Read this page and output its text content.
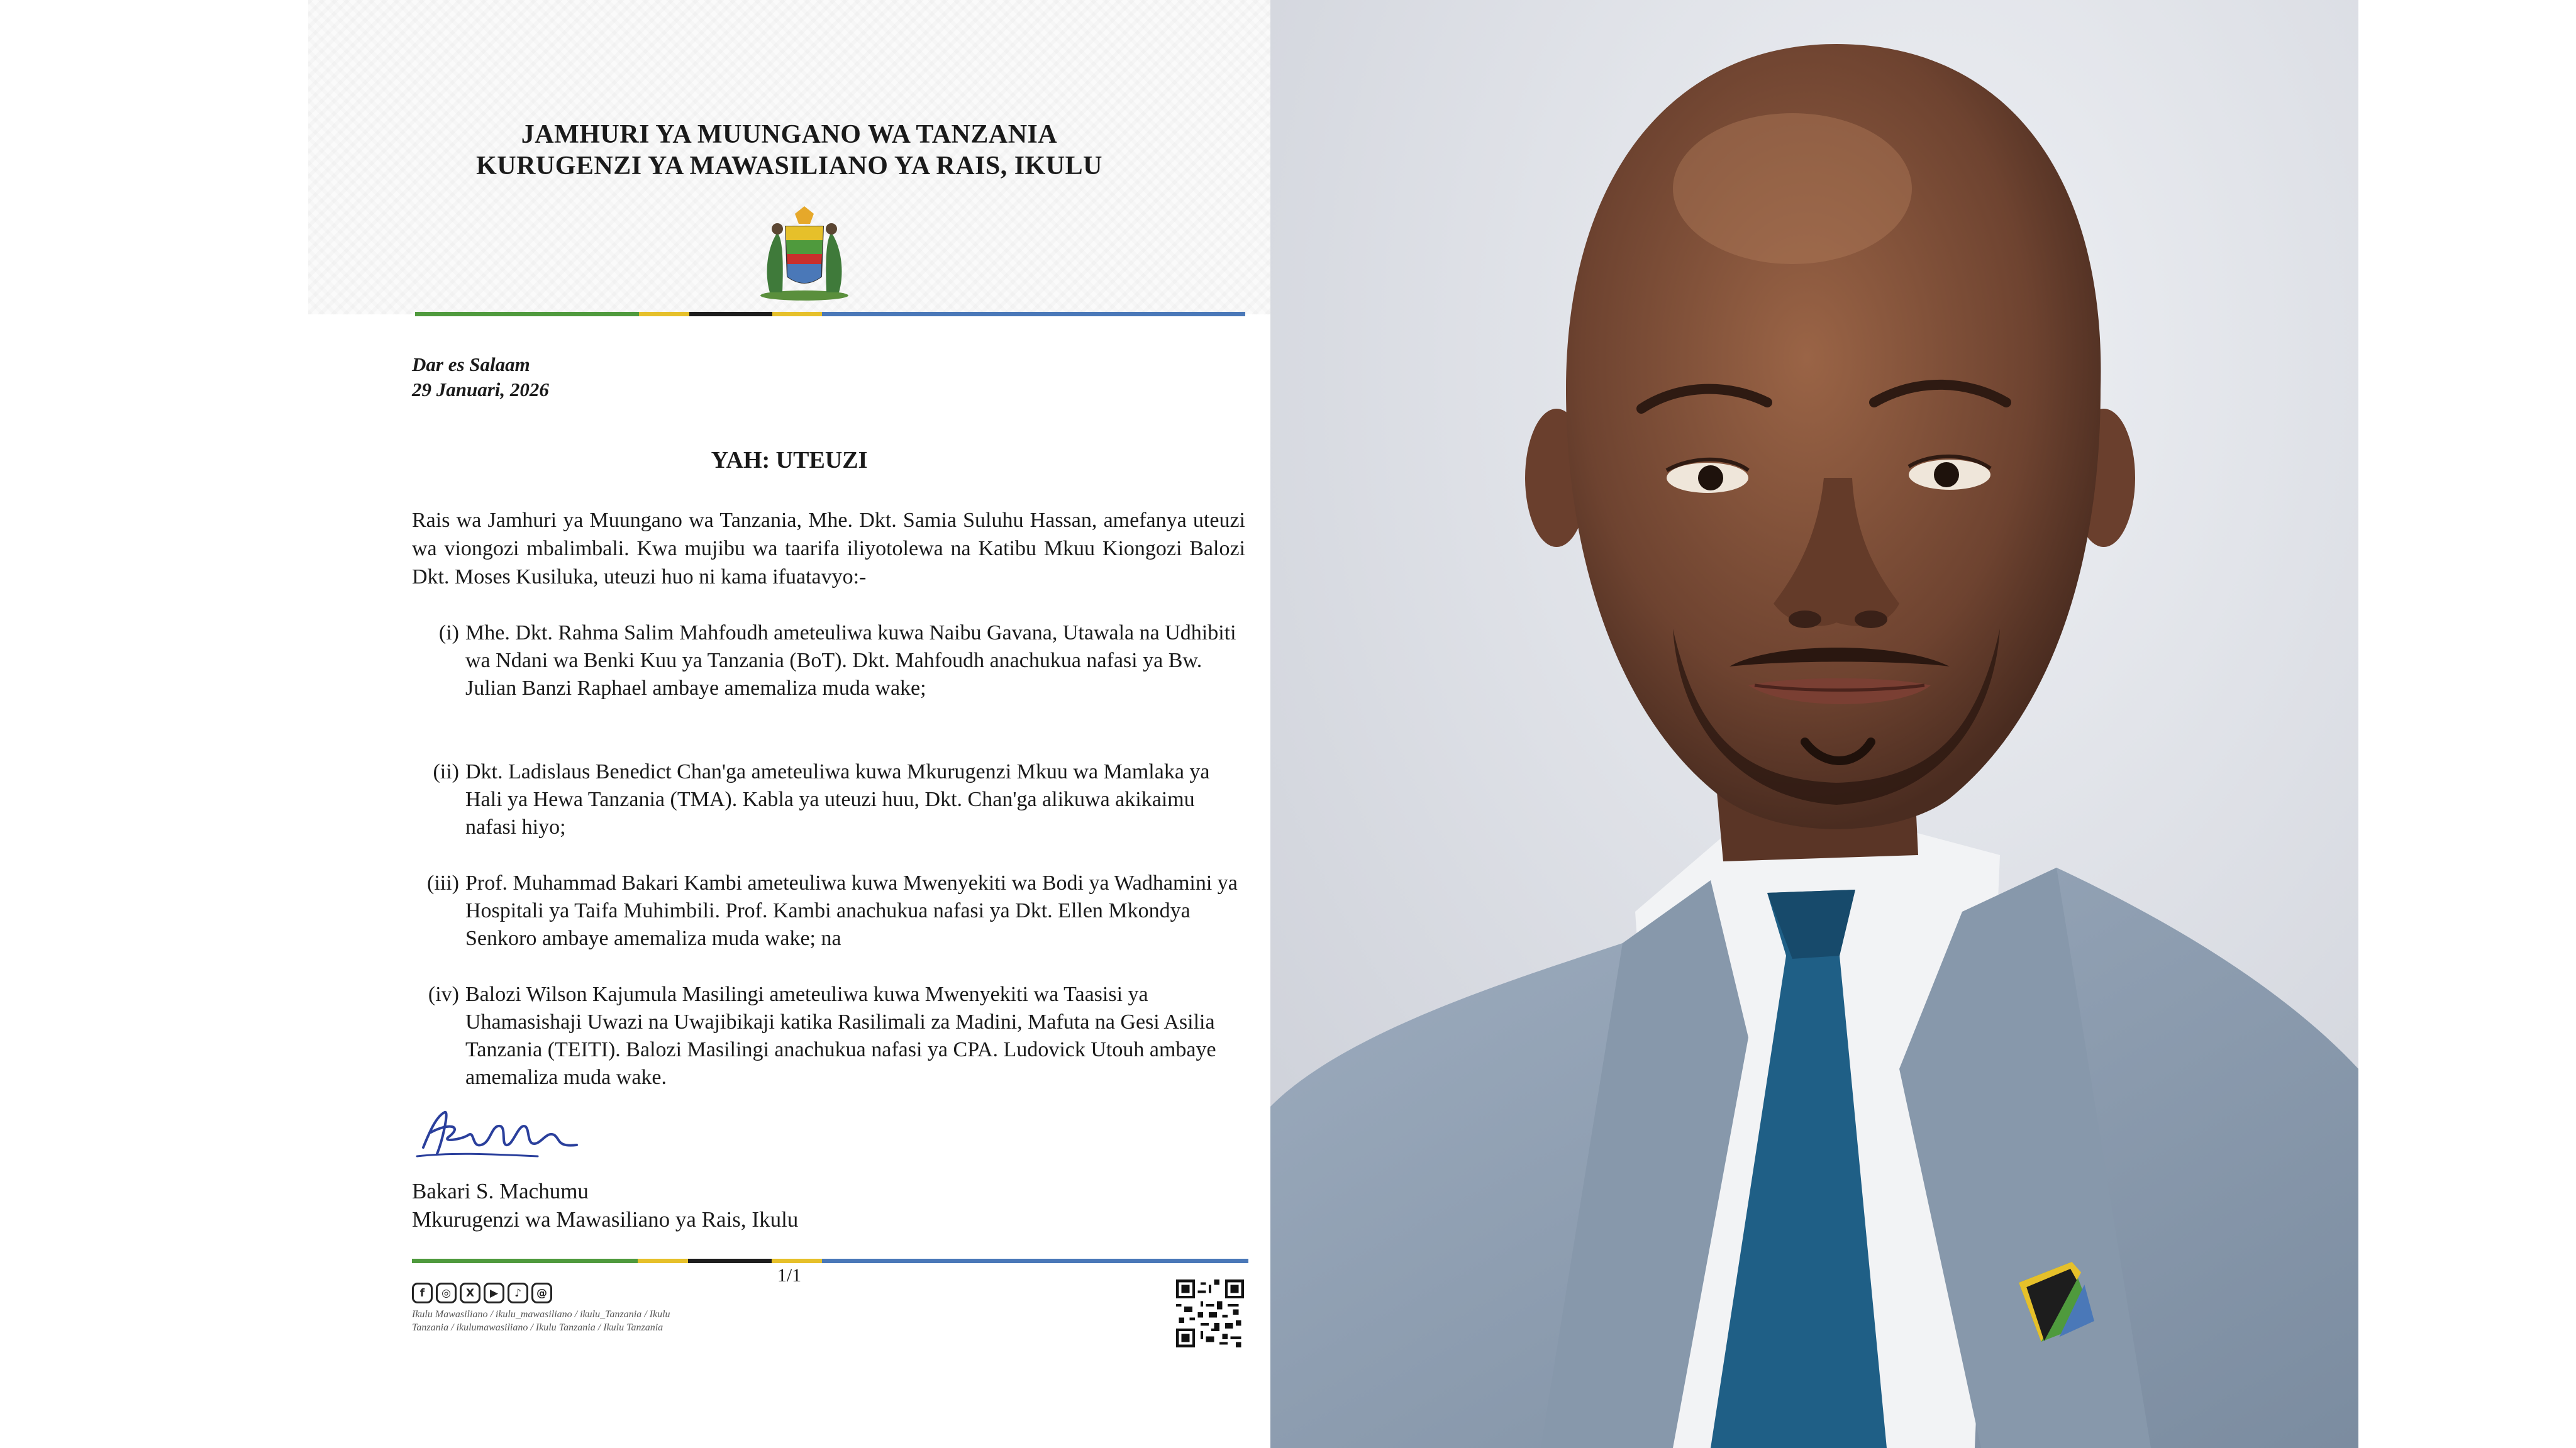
JAMHURI YA MUUNGANO WA TANZANIA
KURUGENZI YA MAWASILIANO YA RAIS, IKULU
Dar es Salaam
29 Januari, 2026
YAH: UTEUZI
Rais wa Jamhuri ya Muungano wa Tanzania, Mhe. Dkt. Samia Suluhu Hassan, amefanya uteuzi wa viongozi mbalimbali. Kwa mujibu wa taarifa iliyotolewa na Katibu Mkuu Kiongozi Balozi Dkt. Moses Kusiluka, uteuzi huo ni kama ifuatavyo:-
(i) Mhe. Dkt. Rahma Salim Mahfoudh ameteuliwa kuwa Naibu Gavana, Utawala na Udhibiti wa Ndani wa Benki Kuu ya Tanzania (BoT). Dkt. Mahfoudh anachukua nafasi ya Bw. Julian Banzi Raphael ambaye amemaliza muda wake;
(ii) Dkt. Ladislaus Benedict Chan'ga ameteuliwa kuwa Mkurugenzi Mkuu wa Mamlaka ya Hali ya Hewa Tanzania (TMA). Kabla ya uteuzi huu, Dkt. Chan'ga alikuwa akikaimu nafasi hiyo;
(iii) Prof. Muhammad Bakari Kambi ameteuliwa kuwa Mwenyekiti wa Bodi ya Wadhamini ya Hospitali ya Taifa Muhimbili. Prof. Kambi anachukua nafasi ya Dkt. Ellen Mkondya Senkoro ambaye amemaliza muda wake; na
(iv) Balozi Wilson Kajumula Masilingi ameteuliwa kuwa Mwenyekiti wa Taasisi ya Uhamasishaji Uwazi na Uwajibikaji katika Rasilimali za Madini, Mafuta na Gesi Asilia Tanzania (TEITI). Balozi Masilingi anachukua nafasi ya CPA. Ludovick Utouh ambaye amemaliza muda wake.
Bakari S. Machumu
Mkurugenzi wa Mawasiliano ya Rais, Ikulu
1/1
f	◎	X	▶	♪	@
Ikulu Mawasiliano / ikulu_mawasiliano / ikulu_Tanzania / Ikulu Tanzania / ikulumawasiliano / Ikulu Tanzania / Ikulu Tanzania
